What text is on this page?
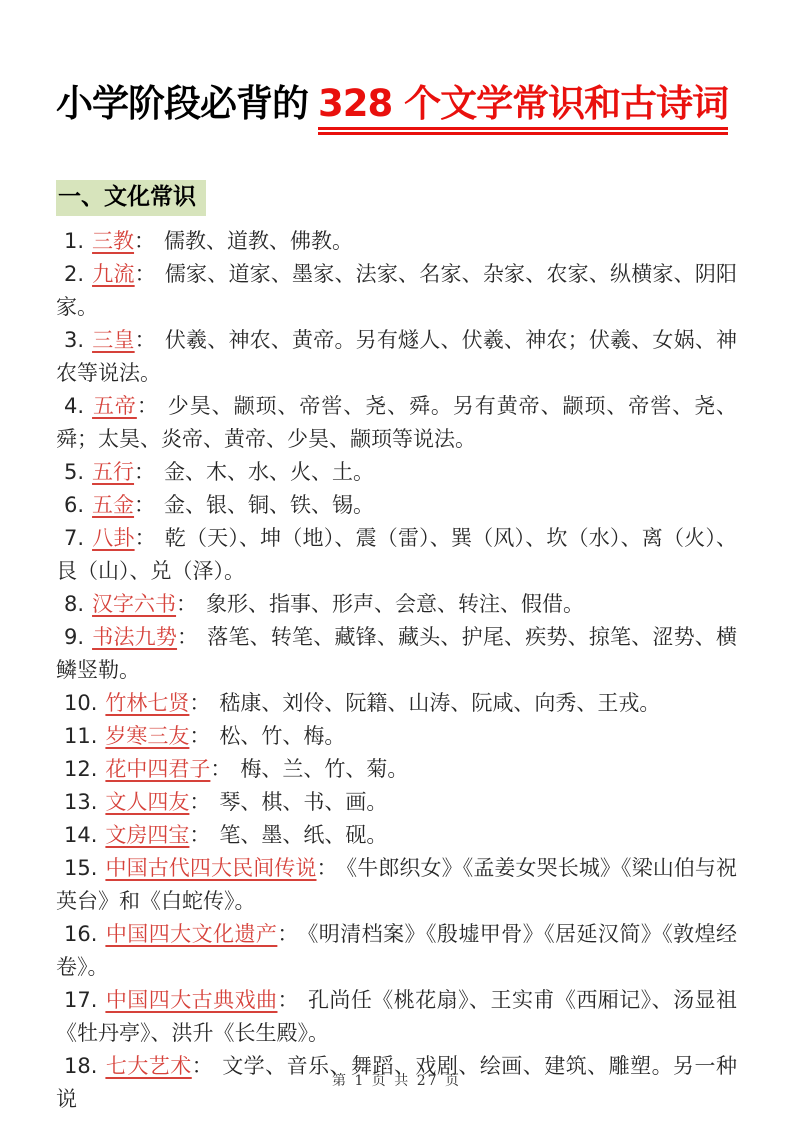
小学阶段必背的 328 个文学常识和古诗词
一、文化常识

1. 三教： 儒教、道教、佛教。

2. 九流： 儒家、道家、墨家、法家、名家、杂家、农家、纵横家、阴阳家。

3. 三皇： 伏羲、神农、黄帝。另有燧人、伏羲、神农；伏羲、女娲、神农等说法。

4. 五帝： 少昊、颛顼、帝喾、尧、舜。另有黄帝、颛顼、帝喾、尧、舜；太昊、炎帝、黄帝、少昊、颛顼等说法。

5. 五行： 金、木、水、火、土。

6. 五金： 金、银、铜、铁、锡。

7. 八卦： 乾（天）、坤（地）、震（雷）、巽（风）、坎（水）、离（火）、艮（山）、兑（泽）。

8. 汉字六书： 象形、指事、形声、会意、转注、假借。

9. 书法九势： 落笔、转笔、藏锋、藏头、护尾、疾势、掠笔、涩势、横鳞竖勒。

10. 竹林七贤： 嵇康、刘伶、阮籍、山涛、阮咸、向秀、王戎。

11. 岁寒三友： 松、竹、梅。

12. 花中四君子： 梅、兰、竹、菊。

13. 文人四友： 琴、棋、书、画。

14. 文房四宝： 笔、墨、纸、砚。

15. 中国古代四大民间传说： 《牛郎织女》《孟姜女哭长城》《梁山伯与祝英台》和《白蛇传》。

16. 中国四大文化遗产： 《明清档案》《殷墟甲骨》《居延汉简》《敦煌经卷》。

17. 中国四大古典戏曲： 孔尚任《桃花扇》、王实甫《西厢记》、汤显祖《牡丹亭》、洪升《长生殿》。

18. 七大艺术： 文学、音乐、舞蹈、戏剧、绘画、建筑、雕塑。另一种说

第 1 页 共 27 页
